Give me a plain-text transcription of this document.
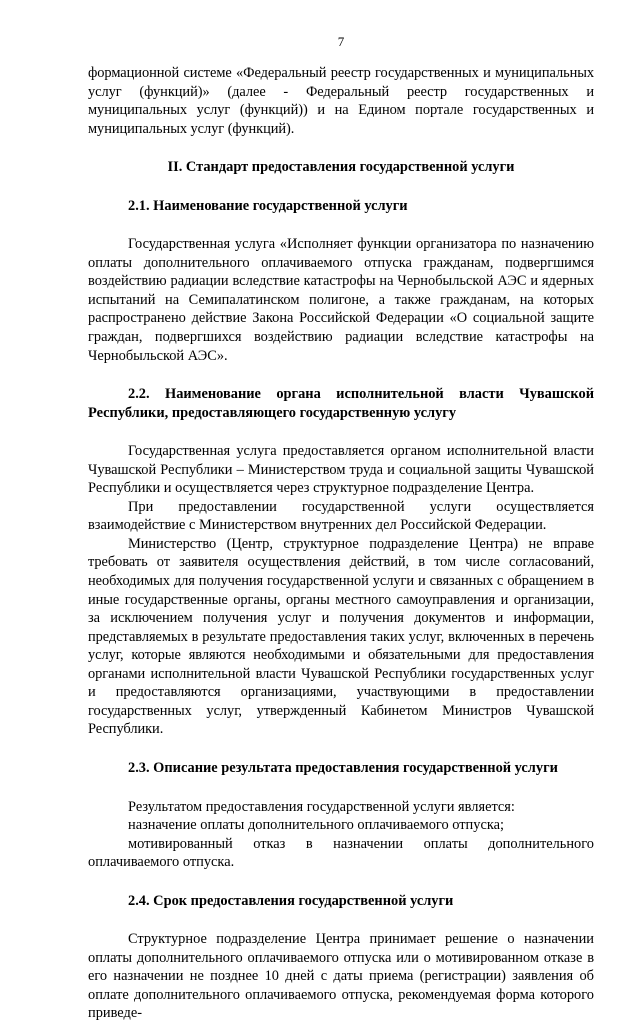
7

формационной системе «Федеральный реестр государственных и муниципальных услуг (функций)» (далее - Федеральный реестр государственных и муниципальных услуг (функций)) и на Едином портале государственных и муниципальных услуг (функций).

II. Стандарт предоставления государственной услуги

2.1. Наименование государственной услуги

Государственная услуга «Исполняет функции организатора по назначению оплаты дополнительного оплачиваемого отпуска гражданам, подвергшимся воздействию радиации вследствие катастрофы на Чернобыльской АЭС и ядерных испытаний на Семипалатинском полигоне, а также гражданам, на которых распространено действие Закона Российской Федерации «О социальной защите граждан, подвергшихся воздействию радиации вследствие катастрофы на Чернобыльской АЭС».

2.2. Наименование органа исполнительной власти Чувашской Республики, предоставляющего государственную услугу

Государственная услуга предоставляется органом исполнительной власти Чувашской Республики – Министерством труда и социальной защиты Чувашской Республики и осуществляется через структурное подразделение Центра.

При предоставлении государственной услуги осуществляется взаимодействие с Министерством внутренних дел Российской Федерации.

Министерство (Центр, структурное подразделение Центра) не вправе требовать от заявителя осуществления действий, в том числе согласований, необходимых для получения государственной услуги и связанных с обращением в иные государственные органы, органы местного самоуправления и организации, за исключением получения услуг и получения документов и информации, представляемых в результате предоставления таких услуг, включенных в перечень услуг, которые являются необходимыми и обязательными для предоставления органами исполнительной власти Чувашской Республики государственных услуг и предоставляются организациями, участвующими в предоставлении государственных услуг, утвержденный Кабинетом Министров Чувашской Республики.

2.3. Описание результата предоставления государственной услуги

Результатом предоставления государственной услуги является:

назначение оплаты дополнительного оплачиваемого отпуска;

мотивированный отказ в назначении оплаты дополнительного оплачиваемого отпуска.

2.4. Срок предоставления государственной услуги

Структурное подразделение Центра принимает решение о назначении оплаты дополнительного оплачиваемого отпуска или о мотивированном отказе в его назначении не позднее 10 дней с даты приема (регистрации) заявления об оплате дополнительного оплачиваемого отпуска, рекомендуемая форма которого приведе-
